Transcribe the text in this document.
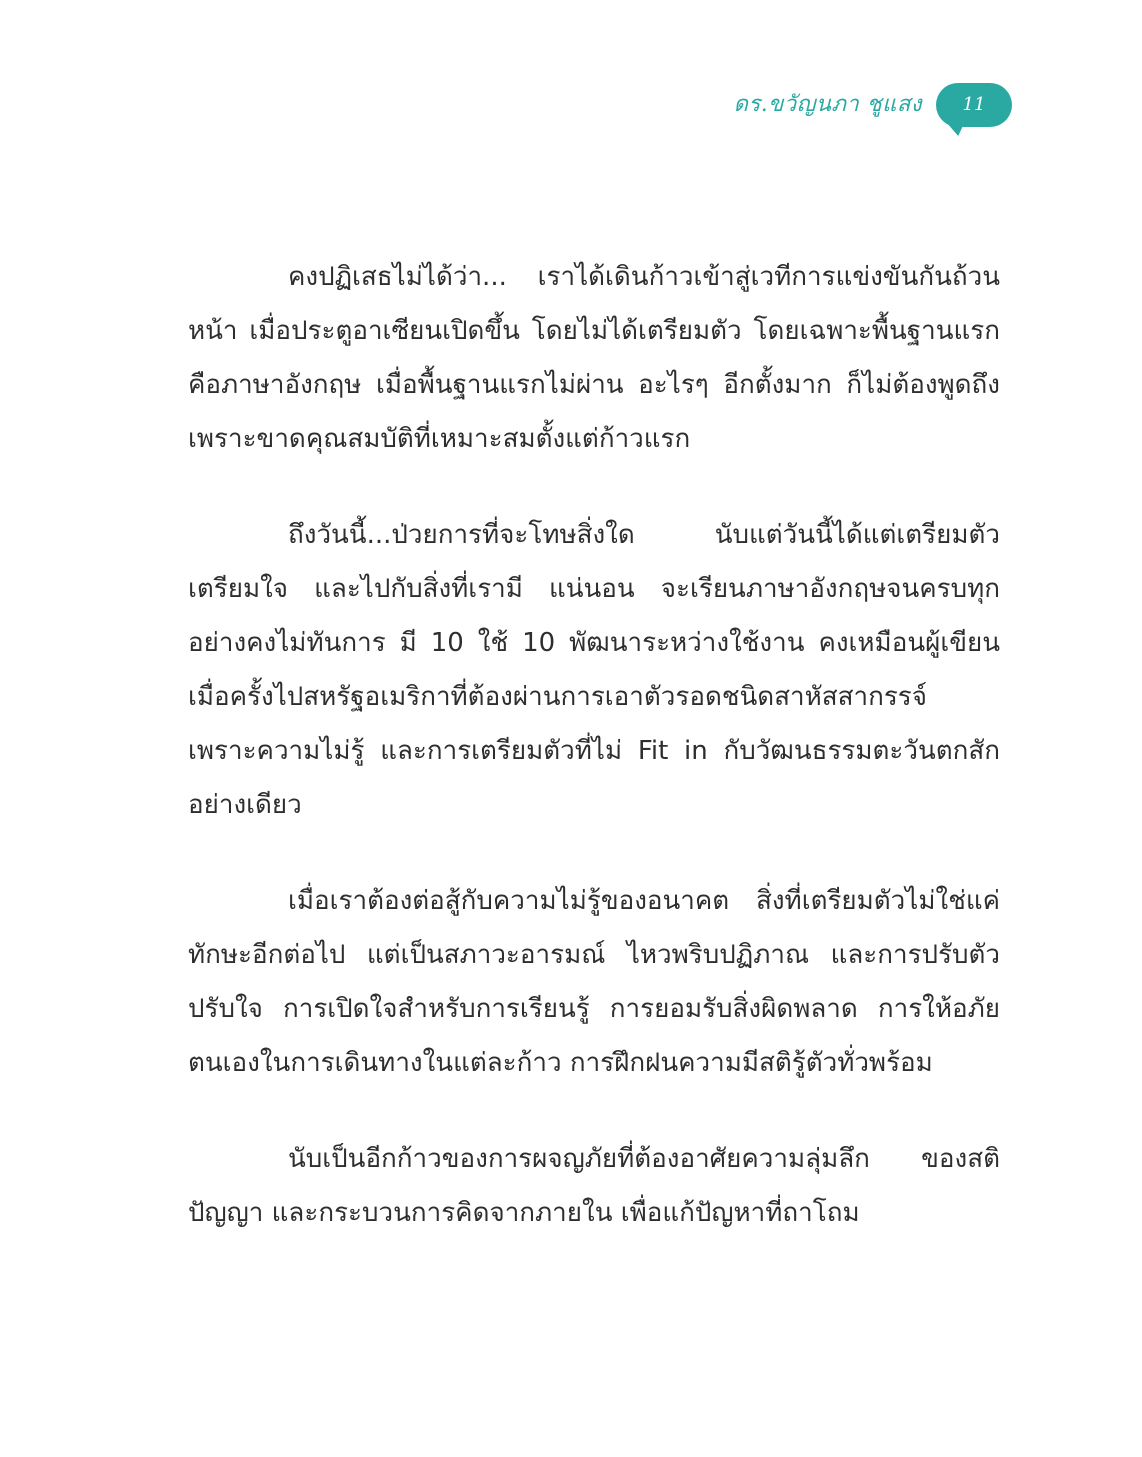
ดร.ขวัญนภา ชูแสง 11

คงปฏิเสธไม่ได้ว่า... เราได้เดินก้าวเข้าสู่เวทีการแข่งขันกันถ้วนหน้า เมื่อประตูอาเซียนเปิดขึ้น โดยไม่ได้เตรียมตัว โดยเฉพาะพื้นฐานแรกคือภาษาอังกฤษ เมื่อพื้นฐานแรกไม่ผ่าน อะไรๆ อีกตั้งมาก ก็ไม่ต้องพูดถึงเพราะขาดคุณสมบัติที่เหมาะสมตั้งแต่ก้าวแรก

ถึงวันนี้...ป่วยการที่จะโทษสิ่งใด นับแต่วันนี้ได้แต่เตรียมตัว เตรียมใจ และไปกับสิ่งที่เรามี แน่นอน จะเรียนภาษาอังกฤษจนครบทุกอย่างคงไม่ทันการ มี 10 ใช้ 10 พัฒนาระหว่างใช้งาน คงเหมือนผู้เขียนเมื่อครั้งไปสหรัฐอเมริกาที่ต้องผ่านการเอาตัวรอดชนิดสาหัสสากรรจ์ เพราะความไม่รู้ และการเตรียมตัวที่ไม่ Fit in กับวัฒนธรรมตะวันตกสักอย่างเดียว

เมื่อเราต้องต่อสู้กับความไม่รู้ของอนาคต สิ่งที่เตรียมตัวไม่ใช่แค่ทักษะอีกต่อไป แต่เป็นสภาวะอารมณ์ ไหวพริบปฏิภาณ และการปรับตัว ปรับใจ การเปิดใจสำหรับการเรียนรู้ การยอมรับสิ่งผิดพลาด การให้อภัยตนเองในการเดินทางในแต่ละก้าว การฝึกฝนความมีสติรู้ตัวทั่วพร้อม

นับเป็นอีกก้าวของการผจญภัยที่ต้องอาศัยความลุ่มลึก ของสติปัญญา และกระบวนการคิดจากภายใน เพื่อแก้ปัญหาที่ถาโถม
